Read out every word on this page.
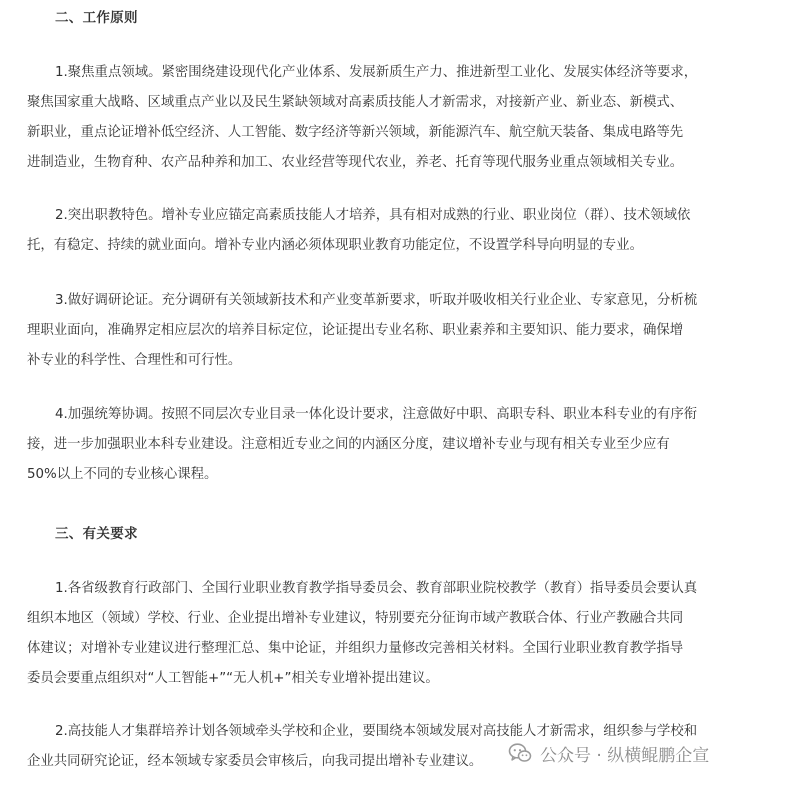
二、工作原则
1.聚焦重点领域。紧密围绕建设现代化产业体系、发展新质生产力、推进新型工业化、发展实体经济等要求，
聚焦国家重大战略、区域重点产业以及民生紧缺领域对高素质技能人才新需求，对接新产业、新业态、新模式、
新职业，重点论证增补低空经济、人工智能、数字经济等新兴领域，新能源汽车、航空航天装备、集成电路等先
进制造业，生物育种、农产品种养和加工、农业经营等现代农业，养老、托育等现代服务业重点领域相关专业。
2.突出职教特色。增补专业应锚定高素质技能人才培养，具有相对成熟的行业、职业岗位（群）、技术领域依
托，有稳定、持续的就业面向。增补专业内涵必须体现职业教育功能定位，不设置学科导向明显的专业。
3.做好调研论证。充分调研有关领域新技术和产业变革新要求，听取并吸收相关行业企业、专家意见，分析梳
理职业面向，准确界定相应层次的培养目标定位，论证提出专业名称、职业素养和主要知识、能力要求，确保增
补专业的科学性、合理性和可行性。
4.加强统筹协调。按照不同层次专业目录一体化设计要求，注意做好中职、高职专科、职业本科专业的有序衔
接，进一步加强职业本科专业建设。注意相近专业之间的内涵区分度，建议增补专业与现有相关专业至少应有
50%以上不同的专业核心课程。
三、有关要求
1.各省级教育行政部门、全国行业职业教育教学指导委员会、教育部职业院校教学（教育）指导委员会要认真
组织本地区（领域）学校、行业、企业提出增补专业建议，特别要充分征询市域产教联合体、行业产教融合共同
体建议；对增补专业建议进行整理汇总、集中论证，并组织力量修改完善相关材料。全国行业职业教育教学指导
委员会要重点组织对“人工智能+”“无人机+”相关专业增补提出建议。
2.高技能人才集群培养计划各领域牵头学校和企业，要围绕本领域发展对高技能人才新需求，组织参与学校和
企业共同研究论证，经本领域专家委员会审核后，向我司提出增补专业建议。	公众号 · 纵横鲲鹏企宣
